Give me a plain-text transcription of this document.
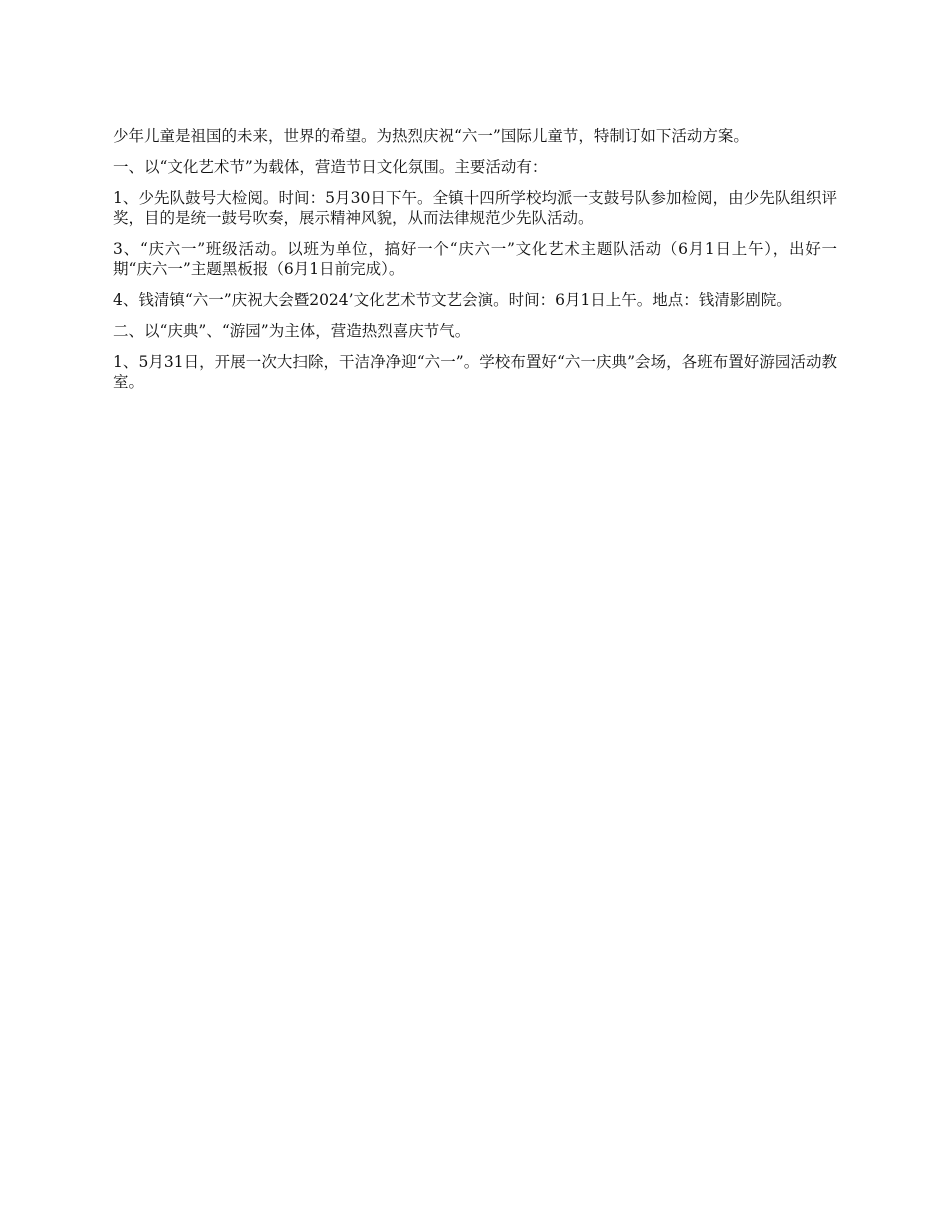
少年儿童是祖国的未来，世界的希望。为热烈庆祝“六一”国际儿童节，特制订如下活动方案。

一、以“文化艺术节”为载体，营造节日文化氛围。主要活动有：

1、少先队鼓号大检阅。时间：5月30日下午。全镇十四所学校均派一支鼓号队参加检阅，由少先队组织评奖，目的是统一鼓号吹奏，展示精神风貌，从而法律规范少先队活动。

3、“庆六一”班级活动。以班为单位，搞好一个“庆六一”文化艺术主题队活动（6月1日上午），出好一期“庆六一”主题黑板报（6月1日前完成）。

4、钱清镇“六一”庆祝大会暨2024’文化艺术节文艺会演。时间：6月1日上午。地点：钱清影剧院。

二、以“庆典”、“游园”为主体，营造热烈喜庆节气。

1、5月31日，开展一次大扫除，干洁净净迎“六一”。学校布置好“六一庆典”会场，各班布置好游园活动教室。
